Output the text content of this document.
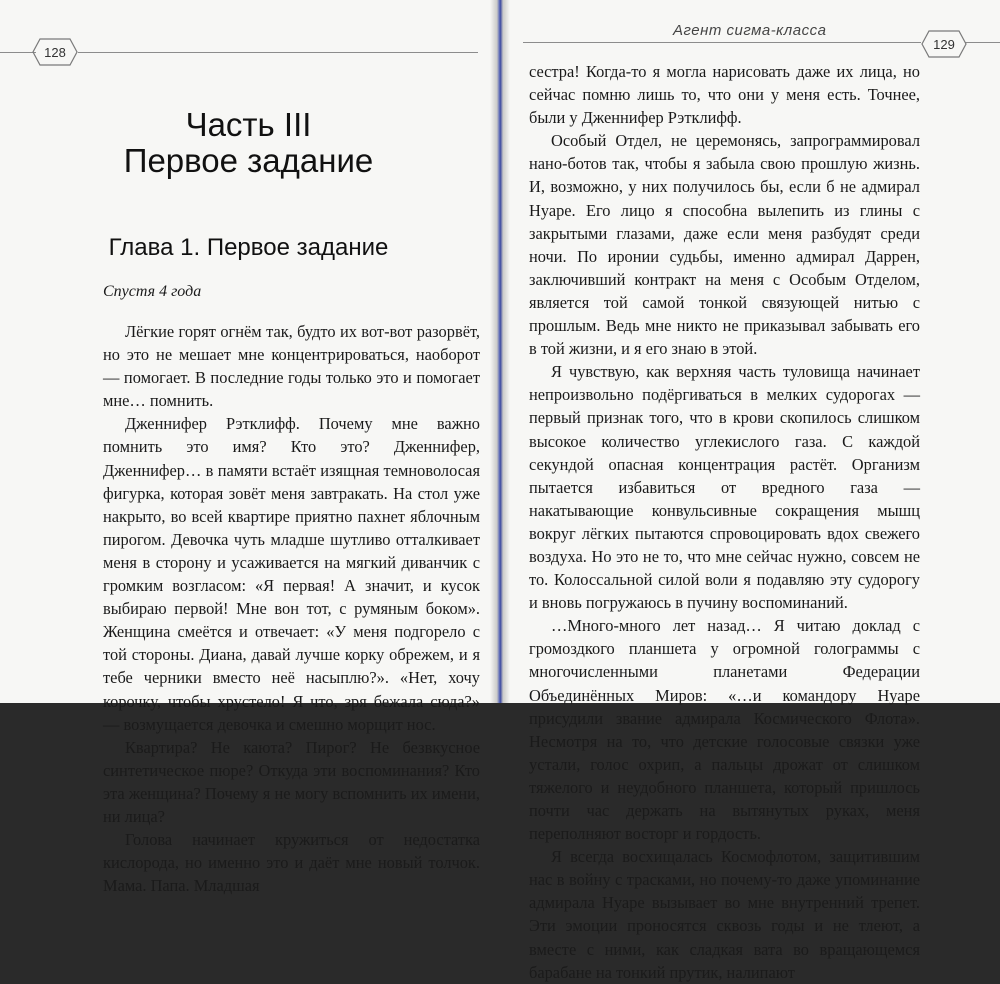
128
Часть III
Первое задание
Глава 1. Первое задание
Спустя 4 года

Лёгкие горят огнём так, будто их вот-вот разорвёт, но это не мешает мне концентрироваться, наоборот — помогает. В последние годы только это и помогает мне… помнить.

Дженнифер Рэтклифф. Почему мне важно помнить это имя? Кто это? Дженнифер, Дженнифер… в памяти встаёт изящная темноволосая фигурка, которая зовёт меня завтракать. На стол уже накрыто, во всей квартире приятно пахнет яблочным пирогом. Девочка чуть младше шутливо отталкивает меня в сторону и усаживается на мягкий диванчик с громким возгласом: «Я первая! А значит, и кусок выбираю первой! Мне вон тот, с румяным боком». Женщина смеётся и отвечает: «У меня подгорело с той стороны. Диана, давай лучше корку обрежем, и я тебе черники вместо неё насыплю?». «Нет, хочу корочку, чтобы хрустело! Я что, зря бежала сюда?» — возмущается девочка и смешно морщит нос.

Квартира? Не каюта? Пирог? Не безвкусное синтетическое пюре? Откуда эти воспоминания? Кто эта женщина? Почему я не могу вспомнить их имени, ни лица?

Голова начинает кружиться от недостатка кислорода, но именно это и даёт мне новый толчок. Мама. Папа. Младшая

Агент сигма-класса
129

сестра! Когда-то я могла нарисовать даже их лица, но сейчас помню лишь то, что они у меня есть. Точнее, были у Дженнифер Рэтклифф.

Особый Отдел, не церемонясь, запрограммировал нано-ботов так, чтобы я забыла свою прошлую жизнь. И, возможно, у них получилось бы, если б не адмирал Нуаре. Его лицо я способна вылепить из глины с закрытыми глазами, даже если меня разбудят среди ночи. По иронии судьбы, именно адмирал Даррен, заключивший контракт на меня с Особым Отделом, является той самой тонкой связующей нитью с прошлым. Ведь мне никто не приказывал забывать его в той жизни, и я его знаю в этой.

Я чувствую, как верхняя часть туловища начинает непроизвольно подёргиваться в мелких судорогах — первый признак того, что в крови скопилось слишком высокое количество углекислого газа. С каждой секундой опасная концентрация растёт. Организм пытается избавиться от вредного газа — накатывающие конвульсивные сокращения мышц вокруг лёгких пытаются спровоцировать вдох свежего воздуха. Но это не то, что мне сейчас нужно, совсем не то. Колоссальной силой воли я подавляю эту судорогу и вновь погружаюсь в пучину воспоминаний.

…Много-много лет назад… Я читаю доклад с громоздкого планшета у огромной голограммы с многочисленными планетами Федерации Объединённых Миров: «…и командору Нуаре присудили звание адмирала Космического Флота». Несмотря на то, что детские голосовые связки уже устали, голос охрип, а пальцы дрожат от слишком тяжелого и неудобного планшета, который пришлось почти час держать на вытянутых руках, меня переполняют восторг и гордость.

Я всегда восхищалась Космофлотом, защитившим нас в войну с трасками, но почему-то даже упоминание адмирала Нуаре вызывает во мне внутренний трепет. Эти эмоции проносятся сквозь годы и не тлеют, а вместе с ними, как сладкая вата во вращающемся барабане на тонкий прутик, налипают
